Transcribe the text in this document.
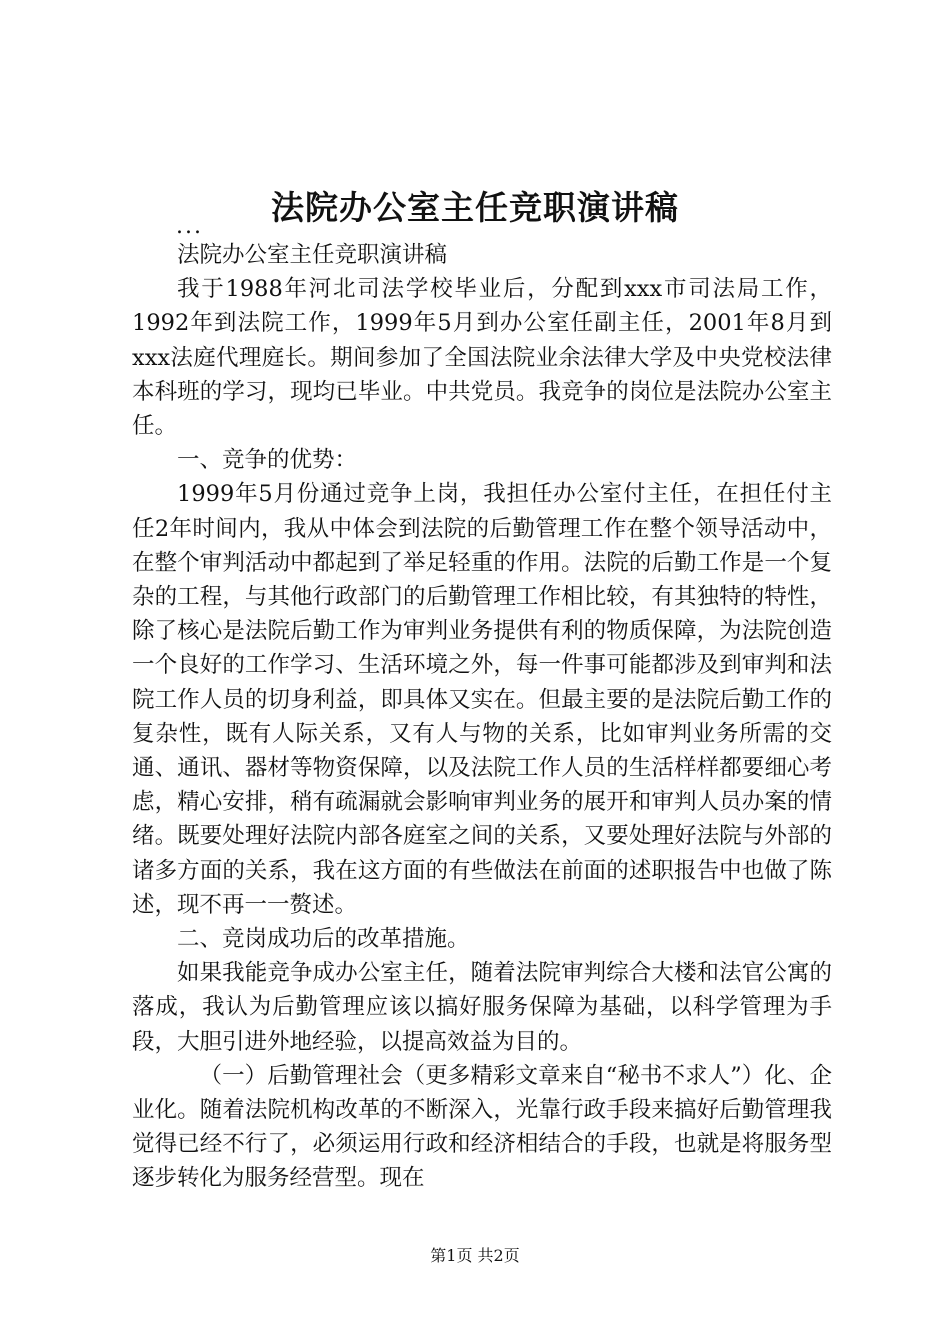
法院办公室主任竞职演讲稿
...

法院办公室主任竞职演讲稿

我于1988年河北司法学校毕业后，分配到xxx市司法局工作，1992年到法院工作，1999年5月到办公室任副主任，2001年8月到xxx法庭代理庭长。期间参加了全国法院业余法律大学及中央党校法律本科班的学习，现均已毕业。中共党员。我竞争的岗位是法院办公室主任。

一、竞争的优势：

1999年5月份通过竞争上岗，我担任办公室付主任，在担任付主任2年时间内，我从中体会到法院的后勤管理工作在整个领导活动中，在整个审判活动中都起到了举足轻重的作用。法院的后勤工作是一个复杂的工程，与其他行政部门的后勤管理工作相比较，有其独特的特性，除了核心是法院后勤工作为审判业务提供有利的物质保障，为法院创造一个良好的工作学习、生活环境之外，每一件事可能都涉及到审判和法院工作人员的切身利益，即具体又实在。但最主要的是法院后勤工作的复杂性，既有人际关系，又有人与物的关系，比如审判业务所需的交通、通讯、器材等物资保障，以及法院工作人员的生活样样都要细心考虑，精心安排，稍有疏漏就会影响审判业务的展开和审判人员办案的情绪。既要处理好法院内部各庭室之间的关系，又要处理好法院与外部的诸多方面的关系，我在这方面的有些做法在前面的述职报告中也做了陈述，现不再一一赘述。

二、竞岗成功后的改革措施。

如果我能竞争成办公室主任，随着法院审判综合大楼和法官公寓的落成，我认为后勤管理应该以搞好服务保障为基础，以科学管理为手段，大胆引进外地经验，以提高效益为目的。

（一）后勤管理社会（更多精彩文章来自“秘书不求人”）化、企业化。随着法院机构改革的不断深入，光靠行政手段来搞好后勤管理我觉得已经不行了，必须运用行政和经济相结合的手段，也就是将服务型逐步转化为服务经营型。现在

第1页 共2页
